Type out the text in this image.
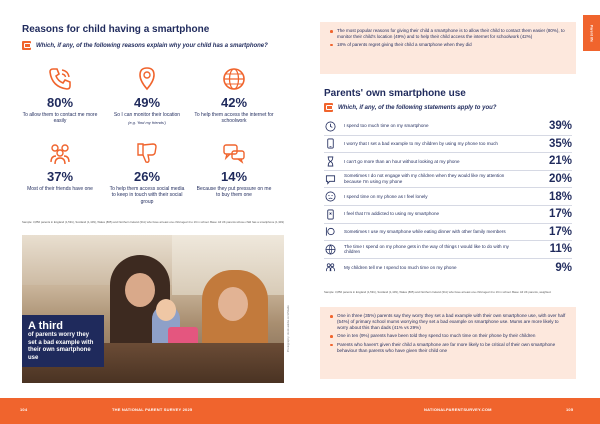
Reasons for child having a smartphone
Which, if any, of the following reasons explain why your child has a smartphone?
80%
To allow them to contact me more easily
49%
So I can monitor their location
(e.g. 'find my friends')
42%
To help them access the internet for schoolwork
37%
Most of their friends have one
26%
To help them access social media to keep in touch with their social group
14%
Because they put pressure on me to buy them one
Sample: 3,856 parents in England (1,591), Scotland (1,109), Wales (865) and Northern Ireland (311) who have at least one child aged 4 to 16 in school. Base: All UK parents whose child has a smartphone (1,349)
A third
of parents worry they set a bad example with their own smartphone use
Photography: stock.adobe.com/Studio
Parent life
The most popular reasons for giving their child a smartphone is to allow their child to contact them easier (80%), to monitor their child's location (49%) and to help their child access the internet for schoolwork (42%)
18% of parents regret giving their child a smartphone when they did
Parents' own smartphone use
Which, if any, of the following statements apply to you?
I spend too much time on my smartphone	39%
I worry that I set a bad example to my children by using my phone too much	35%
I can't go more than an hour without looking at my phone	21%
Sometimes I do not engage with my children when they would like my attention because I'm using my phone	20%
I spend time on my phone as I feel lonely	18%
I feel that I'm addicted to using my smartphone	17%
Sometimes I use my smartphone while eating dinner with other family members	17%
The time I spend on my phone gets in the way of things I would like to do with my children	11%
My children tell me I spend too much time on my phone	9%
Sample: 3,856 parents in England (1,591), Scotland (1,109), Wales (865) and Northern Ireland (311) who have at least one child aged 4 to 16 in school. Base: All UK parents, weighted.
One in three (35%) parents say they worry they set a bad example with their own smartphone use, with over half (54%) of primary school mums worrying they set a bad example on smartphone use. Mums are more likely to worry about this than dads (41% vs 29%)
One in ten (9%) parents have been told they spend too much time on their phone by their children
Parents who haven't given their child a smartphone are far more likely to be critical of their own smartphone behaviour than parents who have given their child one
104	THE NATIONAL PARENT SURVEY 2025	NATIONALPARENTSURVEY.COM	105
